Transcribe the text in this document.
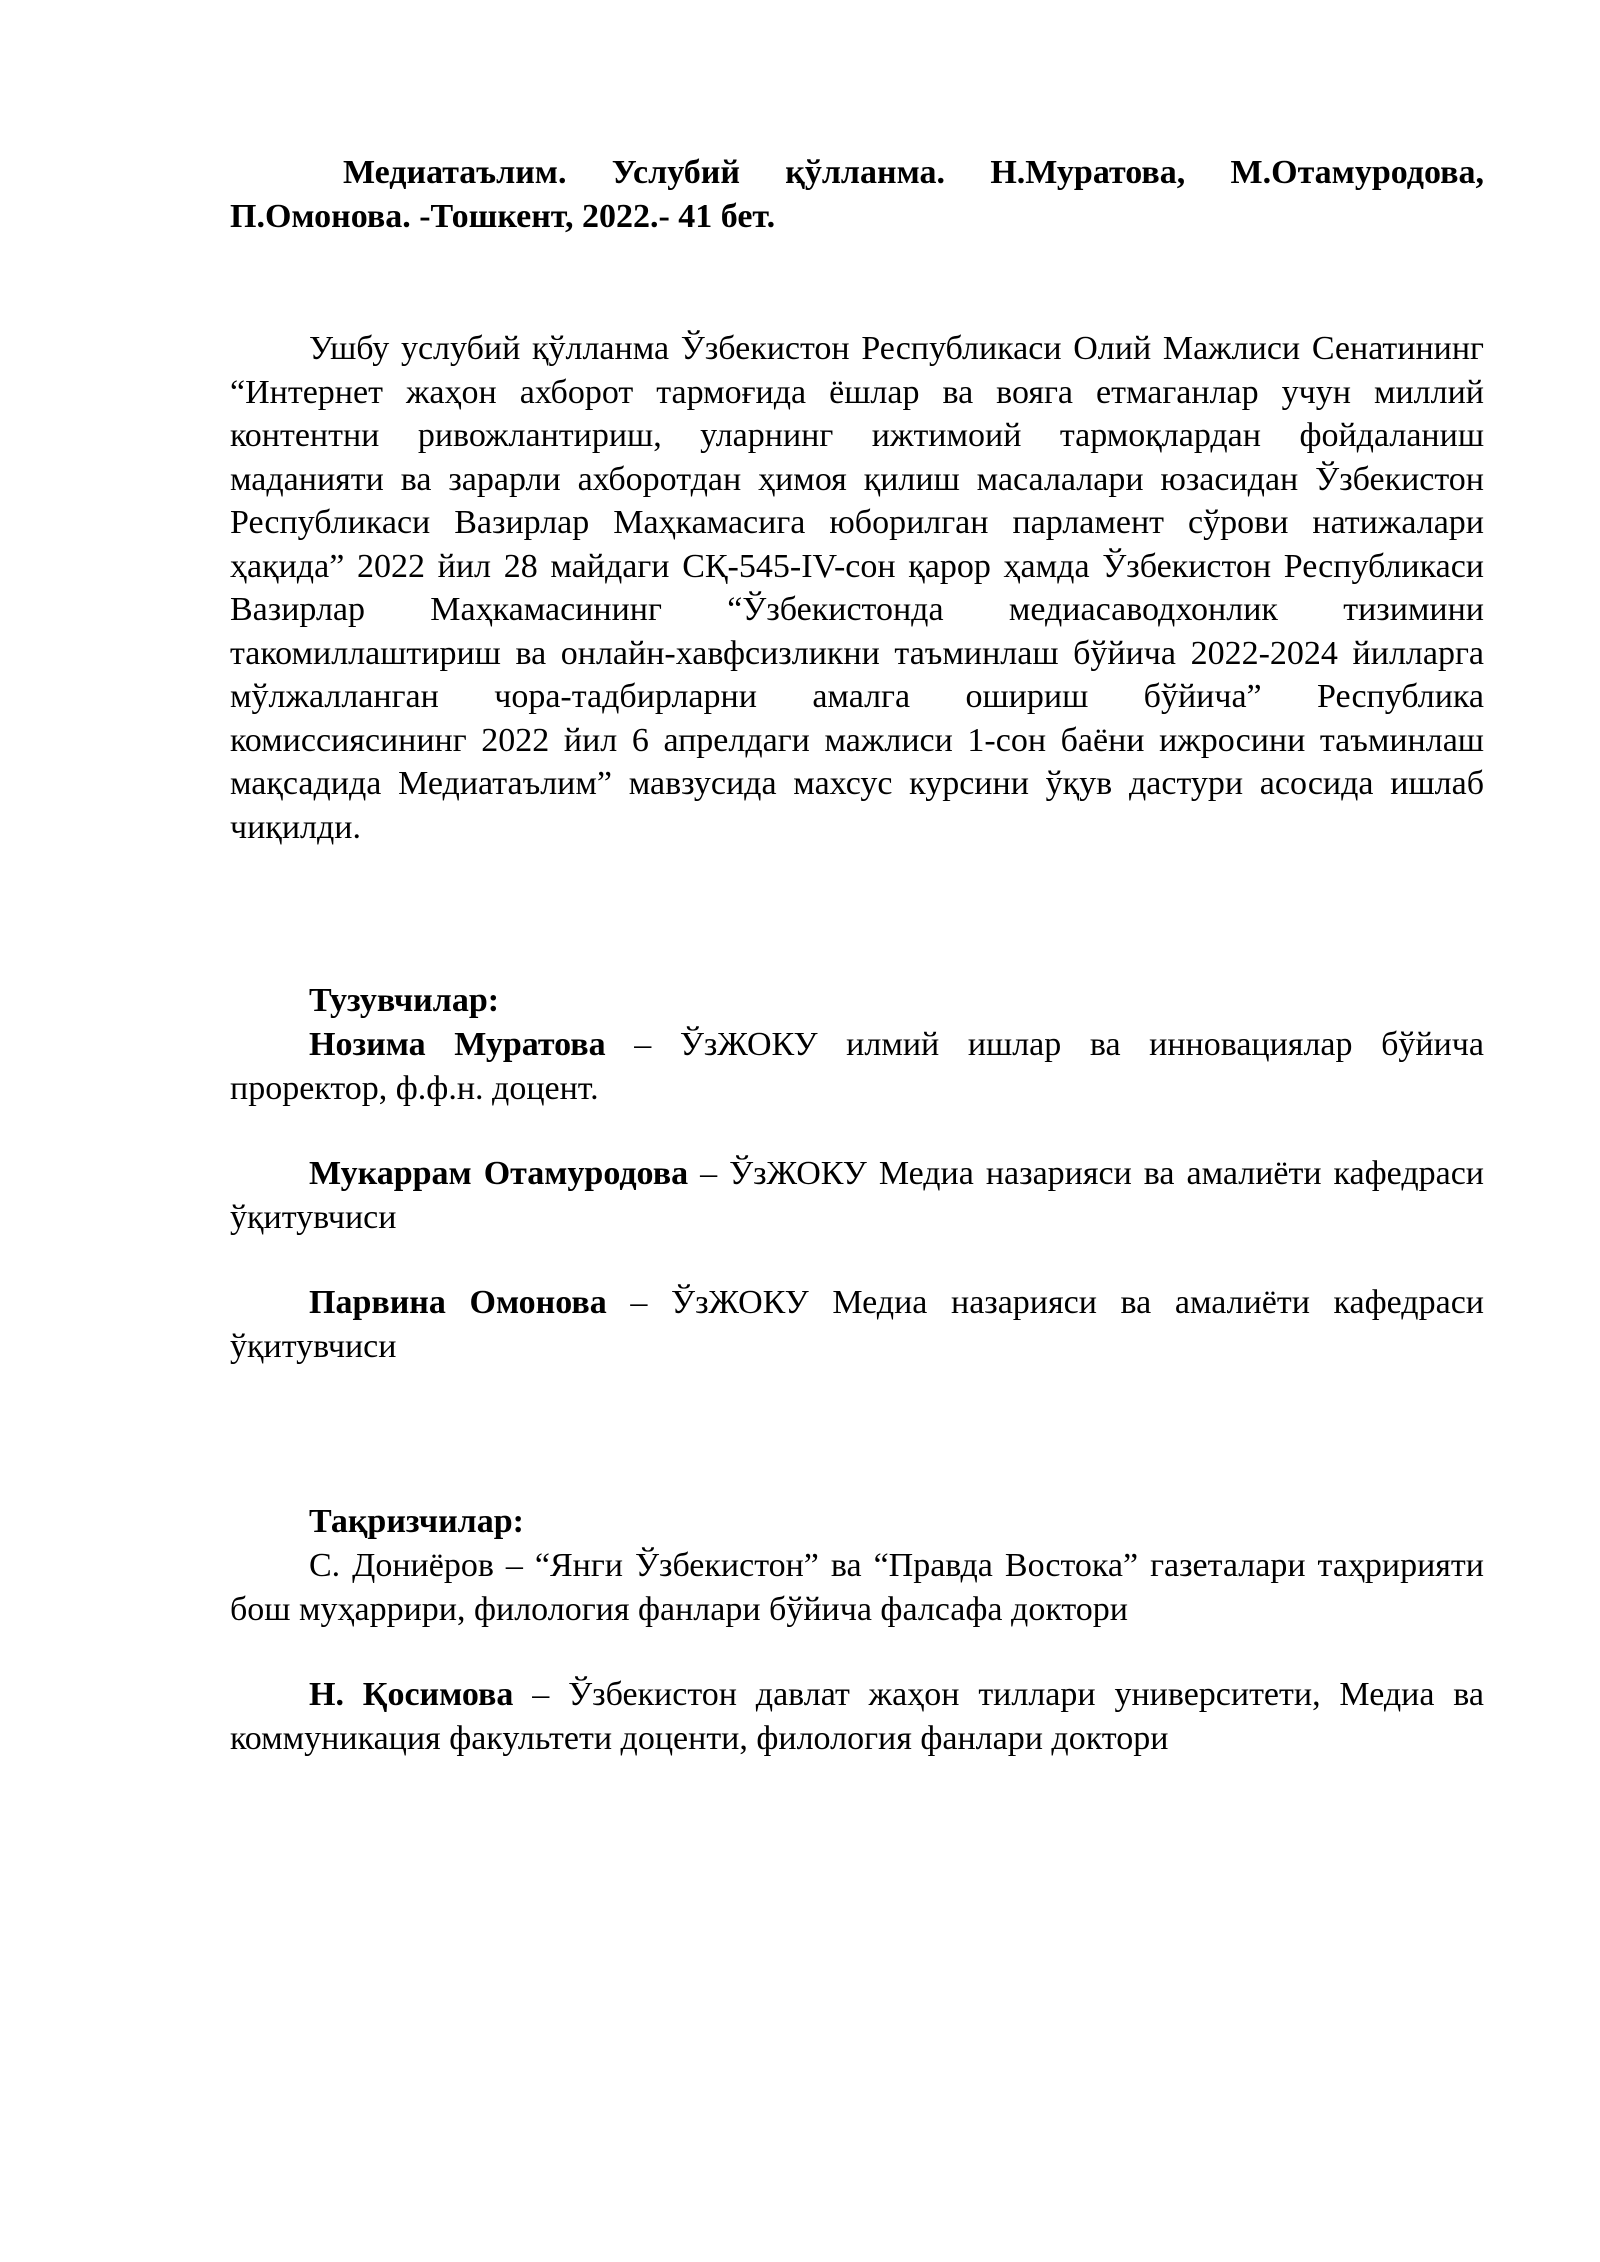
Медиатаълим. Услубий қўлланма. Н.Муратова, М.Отамуродова, П.Омонова. -Тошкент, 2022.- 41 бет.
Ушбу услубий қўлланма Ўзбекистон Республикаси Олий Мажлиси Сенатининг “Интернет жаҳон ахборот тармоғида ёшлар ва вояга етмаганлар учун миллий контентни ривожлантириш, уларнинг ижтимоий тармоқлардан фойдаланиш маданияти ва зарарли ахборотдан ҳимоя қилиш масалалари юзасидан Ўзбекистон Республикаси Вазирлар Маҳкамасига юборилган парламент сўрови натижалари ҳақида” 2022 йил 28 майдаги СҚ-545-IV-сон қарор ҳамда Ўзбекистон Республикаси Вазирлар Маҳкамасининг “Ўзбекистонда медиасаводхонлик тизимини такомиллаштириш ва онлайн-хавфсизликни таъминлаш бўйича 2022-2024 йилларга мўлжалланган чора-тадбирларни амалга ошириш бўйича” Республика комиссиясининг 2022 йил 6 апрелдаги мажлиси 1-сон баёни ижросини таъминлаш мақсадида Медиатаълим” мавзусида махсус курсини ўқув дастури асосида ишлаб чиқилди.
Тузувчилар:
Нозима Муратова – ЎзЖОКУ илмий ишлар ва инновациялар бўйича проректор, ф.ф.н. доцент.
Мукаррам Отамуродова – ЎзЖОКУ Медиа назарияси ва амалиёти кафедраси ўқитувчиси
Парвина Омонова – ЎзЖОКУ Медиа назарияси ва амалиёти кафедраси ўқитувчиси
Тақризчилар:
С. Дониёров – “Янги Ўзбекистон” ва “Правда Востока” газеталари таҳририяти бош муҳаррири, филология фанлари бўйича фалсафа доктори
Н. Қосимова – Ўзбекистон давлат жаҳон тиллари университети, Медиа ва коммуникация факультети доценти, филология фанлари доктори
